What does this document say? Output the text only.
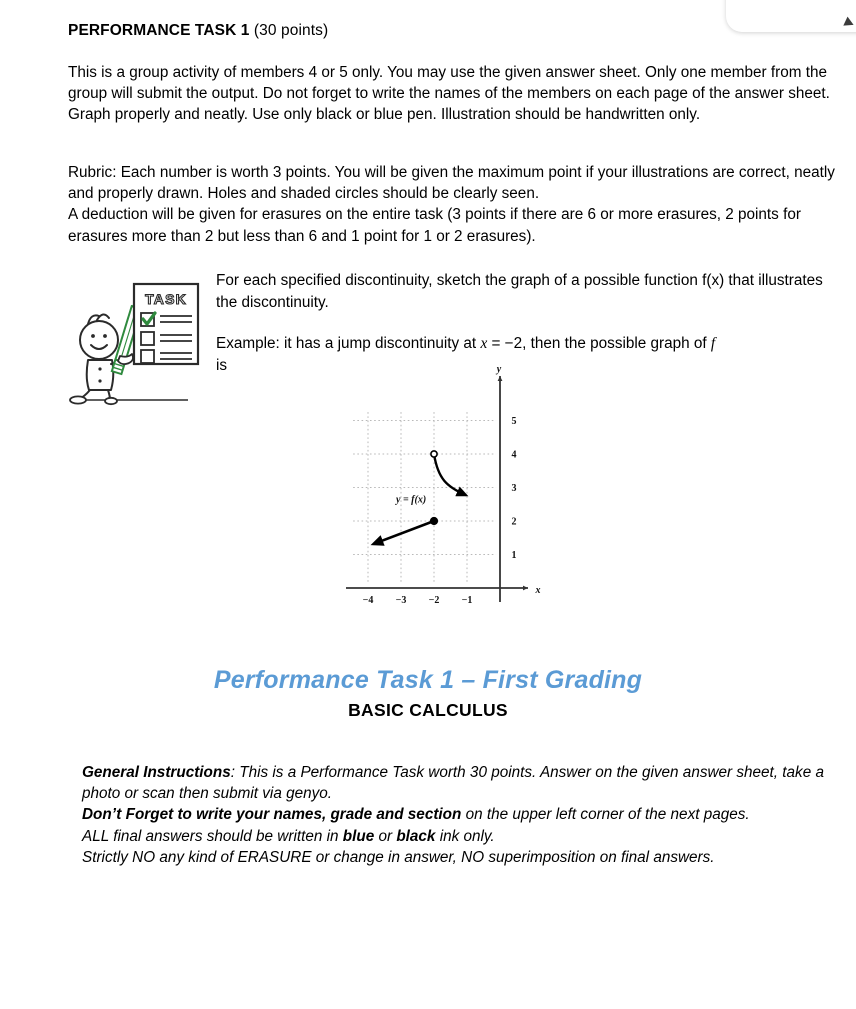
PERFORMANCE TASK 1 (30 points)
This is a group activity of members 4 or 5 only. You may use the given answer sheet. Only one member from the group will submit the output. Do not forget to write the names of the members on each page of the answer sheet.
Graph properly and neatly. Use only black or blue pen. Illustration should be handwritten only.
Rubric: Each number is worth 3 points. You will be given the maximum point if your illustrations are correct, neatly and properly drawn. Holes and shaded circles should be clearly seen.
A deduction will be given for erasures on the entire task (3 points if there are 6 or more erasures, 2 points for erasures more than 2 but less than 6 and 1 point for 1 or 2 erasures).
TASK
For each specified discontinuity, sketch the graph of a possible function f(x) that illustrates the discontinuity.
Example: it has a jump discontinuity at x = −2, then the possible graph of f
is
x
y
−4 −3 −2 −1
1
2
3
4
5
y = f(x)
Performance Task 1 – First Grading
BASIC CALCULUS
General Instructions: This is a Performance Task worth 30 points. Answer on the given answer sheet, take a photo or scan then submit via genyo.
Don’t Forget to write your names, grade and section on the upper left corner of the next pages.
ALL final answers should be written in blue or black ink only.
Strictly NO any kind of ERASURE or change in answer, NO superimposition on final answers.
